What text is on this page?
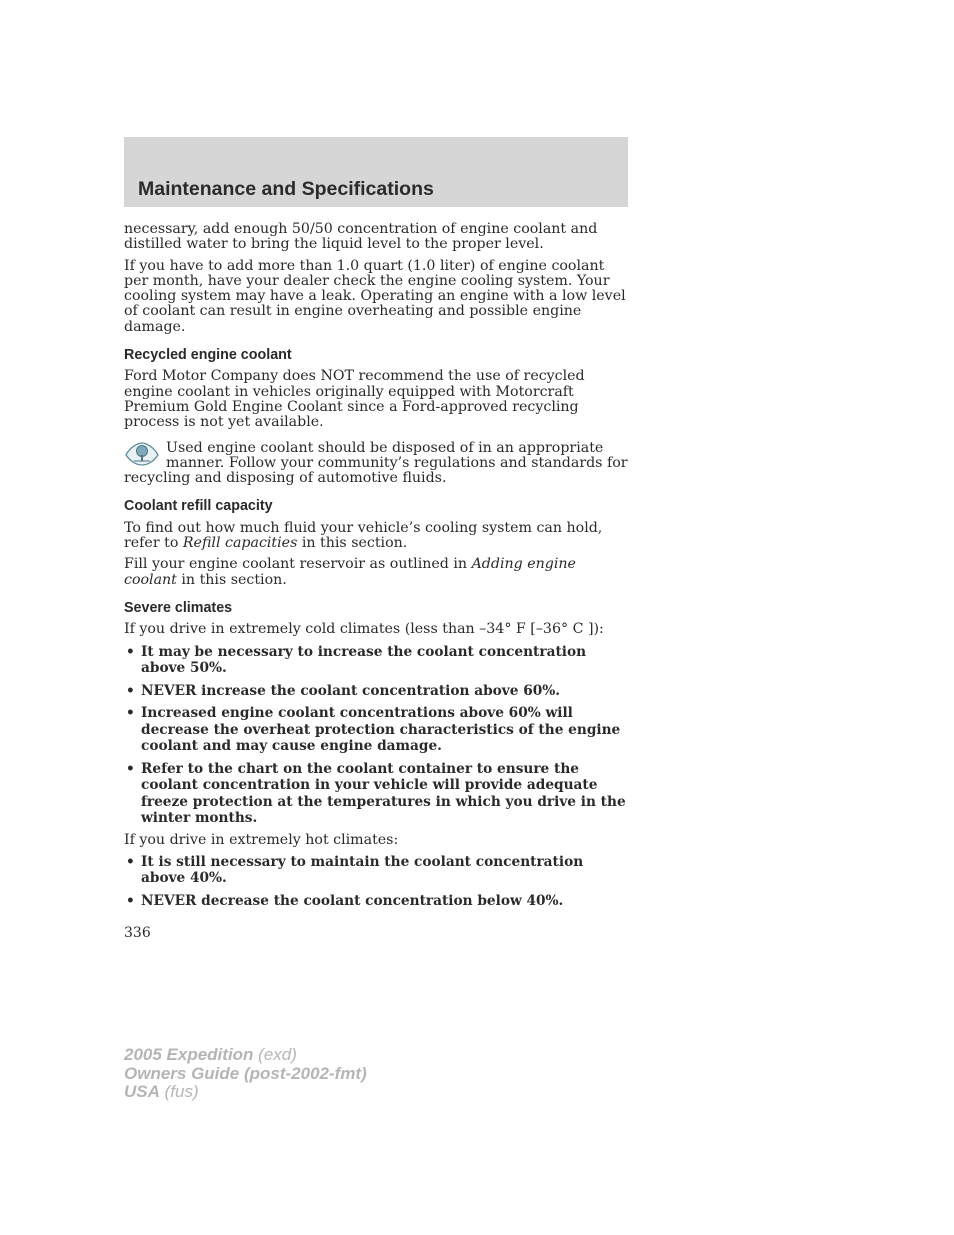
Maintenance and Specifications

necessary, add enough 50/50 concentration of engine coolant and distilled water to bring the liquid level to the proper level.

If you have to add more than 1.0 quart (1.0 liter) of engine coolant per month, have your dealer check the engine cooling system. Your cooling system may have a leak. Operating an engine with a low level of coolant can result in engine overheating and possible engine damage.

Recycled engine coolant

Ford Motor Company does NOT recommend the use of recycled engine coolant in vehicles originally equipped with Motorcraft Premium Gold Engine Coolant since a Ford-approved recycling process is not yet available.

Used engine coolant should be disposed of in an appropriate manner. Follow your community’s regulations and standards for recycling and disposing of automotive fluids.

Coolant refill capacity

To find out how much fluid your vehicle’s cooling system can hold, refer to Refill capacities in this section.

Fill your engine coolant reservoir as outlined in Adding engine coolant in this section.

Severe climates

If you drive in extremely cold climates (less than –34° F [–36° C ]):

• It may be necessary to increase the coolant concentration above 50%.
• NEVER increase the coolant concentration above 60%.
• Increased engine coolant concentrations above 60% will decrease the overheat protection characteristics of the engine coolant and may cause engine damage.
• Refer to the chart on the coolant container to ensure the coolant concentration in your vehicle will provide adequate freeze protection at the temperatures in which you drive in the winter months.

If you drive in extremely hot climates:

• It is still necessary to maintain the coolant concentration above 40%.
• NEVER decrease the coolant concentration below 40%.
336
2005 Expedition (exd)
Owners Guide (post-2002-fmt)
USA (fus)
